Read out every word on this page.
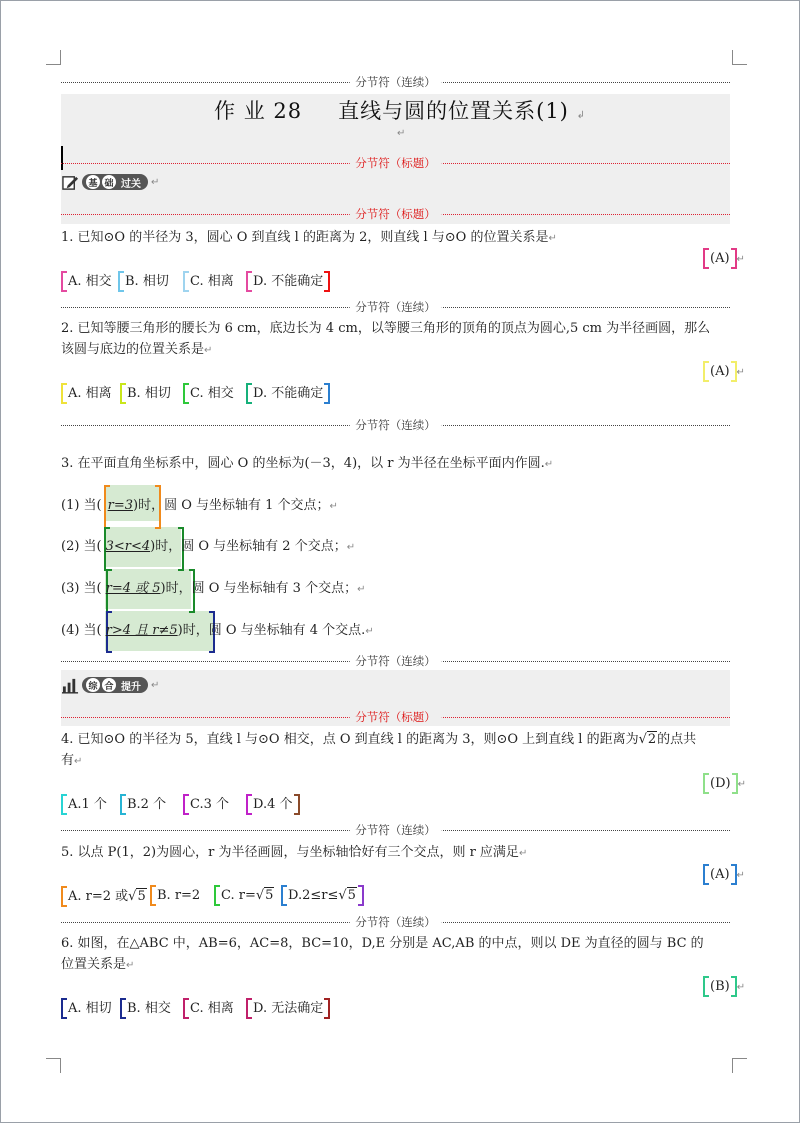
分节符（连续）
作 业 28 直线与圆的位置关系(1) ↲
↵
分节符（标题）
基 础 过关	↵
分节符（标题）
1. 已知⊙O 的半径为 3，圆心 O 到直线 l 的距离为 2，则直线 l 与⊙O 的位置关系是↵
(A) ↵
A. 相交	B. 相切	C. 相离	D. 不能确定
分节符（连续）
2. 已知等腰三角形的腰长为 6 cm，底边长为 4 cm，以等腰三角形的顶角的顶点为圆心,5 cm 为半径画圆，那么
该圆与底边的位置关系是↵
(A) ↵
A. 相离	B. 相切	C. 相交	D. 不能确定
分节符（连续）
3. 在平面直角坐标系中，圆心 O 的坐标为(－3，4)，以 r 为半径在坐标平面内作圆.↵
(1) 当( r=3)时，圆 O 与坐标轴有 1 个交点；↵
(2) 当( 3<r<4)时，圆 O 与坐标轴有 2 个交点；↵
(3) 当( r=4 或 5)时，圆 O 与坐标轴有 3 个交点；↵
(4) 当( r>4 且 r≠5)时，圆 O 与坐标轴有 4 个交点.↵
分节符（连续）
综 合 提升	↵
分节符（标题）
4. 已知⊙O 的半径为 5，直线 l 与⊙O 相交，点 O 到直线 l 的距离为 3，则⊙O 上到直线 l 的距离为√2的点共
有↵
(D) ↵
A.1 个	B.2 个	C.3 个	D.4 个
分节符（连续）
5. 以点 P(1，2)为圆心，r 为半径画圆，与坐标轴恰好有三个交点，则 r 应满足↵
(A) ↵
A. r=2 或√5 B. r=2	C. r=√5	D.2≤r≤√5
分节符（连续）
6. 如图，在△ABC 中，AB=6，AC=8，BC=10，D,E 分别是 AC,AB 的中点，则以 DE 为直径的圆与 BC 的
位置关系是↵
(B) ↵
A. 相切	B. 相交	C. 相离	D. 无法确定
